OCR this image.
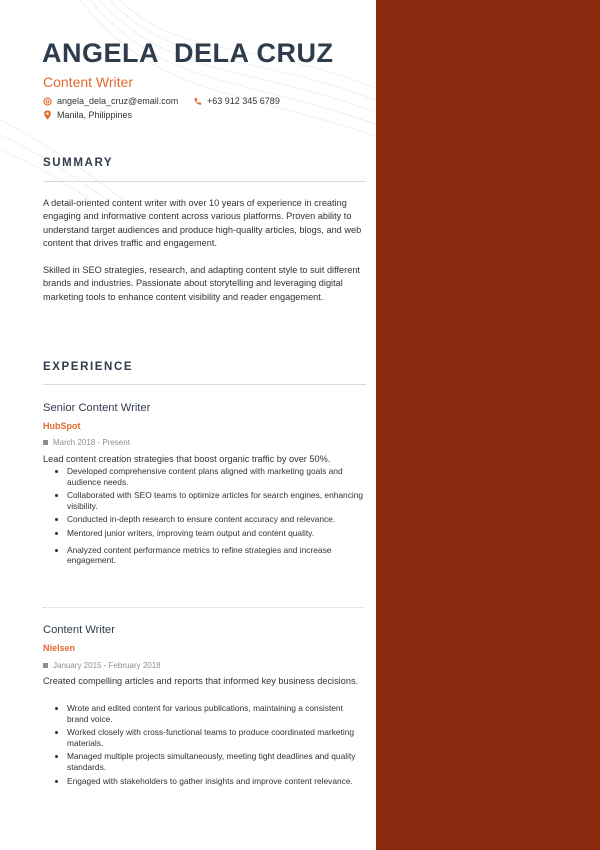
ANGELA  DELA CRUZ
Content Writer
angela_dela_cruz@email.com	+63 912 345 6789
Manila, Philippines
SUMMARY

A detail-oriented content writer with over 10 years of experience in creating engaging and informative content across various platforms. Proven ability to understand target audiences and produce high-quality articles, blogs, and web content that drives traffic and engagement.

Skilled in SEO strategies, research, and adapting content style to suit different brands and industries. Passionate about storytelling and leveraging digital marketing tools to enhance content visibility and reader engagement.

EXPERIENCE
Senior Content Writer
HubSpot
March 2018 - Present
Lead content creation strategies that boost organic traffic by over 50%.
Developed comprehensive content plans aligned with marketing goals and audience needs.
Collaborated with SEO teams to optimize articles for search engines, enhancing visibility.
Conducted in-depth research to ensure content accuracy and relevance.
Mentored junior writers, improving team output and content quality.
Analyzed content performance metrics to refine strategies and increase engagement.
Content Writer
Nielsen
January 2015 - February 2018
Created compelling articles and reports that informed key business decisions.
Wrote and edited content for various publications, maintaining a consistent brand voice.
Worked closely with cross-functional teams to produce coordinated marketing materials.
Managed multiple projects simultaneously, meeting tight deadlines and quality standards.
Engaged with stakeholders to gather insights and improve content relevance.
